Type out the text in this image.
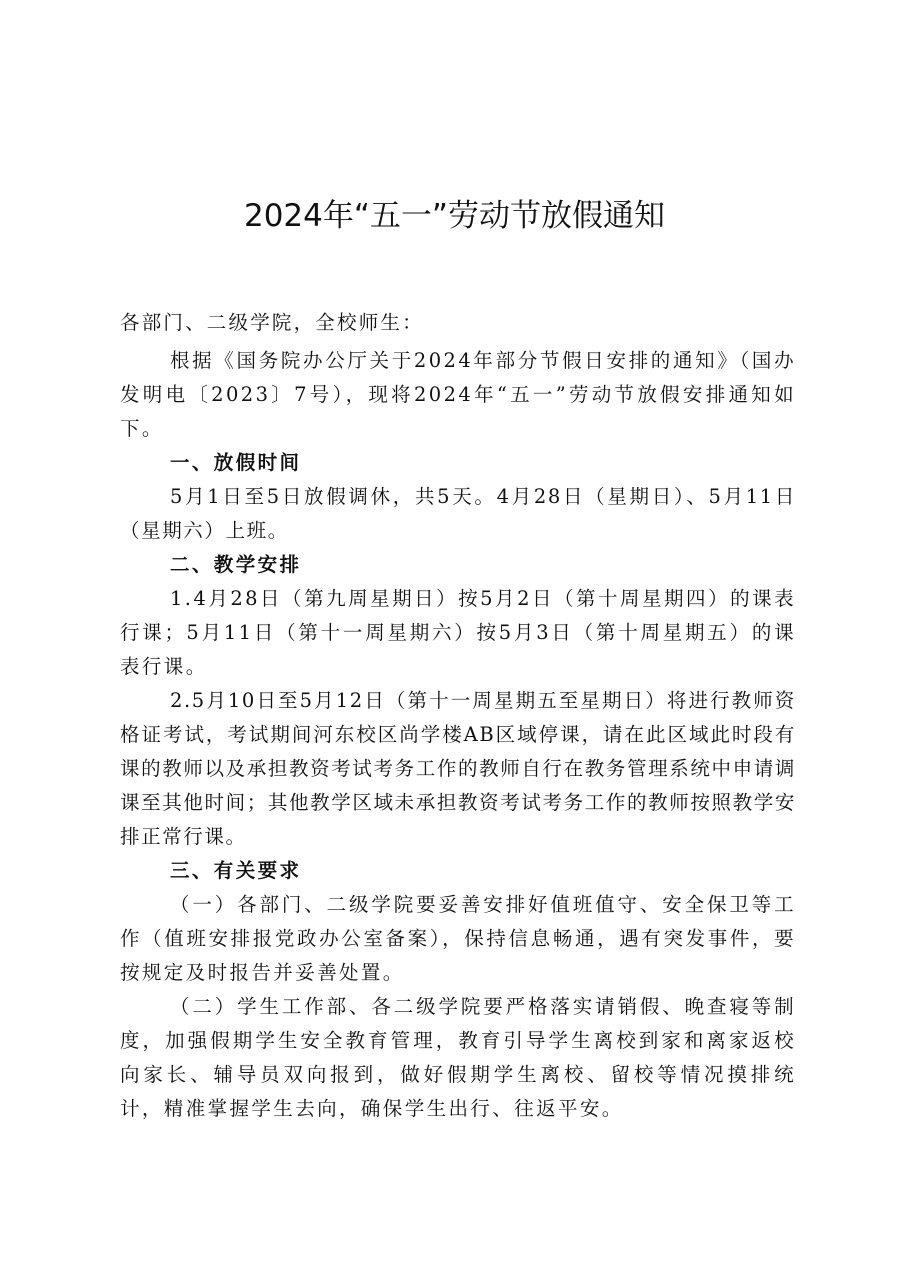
2024年“五一”劳动节放假通知

各部门、二级学院，全校师生：

根据《国务院办公厅关于2024年部分节假日安排的通知》（国办发明电〔2023〕7号），现将2024年“五一”劳动节放假安排通知如下。

一、放假时间

5月1日至5日放假调休，共5天。4月28日（星期日）、5月11日（星期六）上班。

二、教学安排

1.4月28日（第九周星期日）按5月2日（第十周星期四）的课表行课；5月11日（第十一周星期六）按5月3日（第十周星期五）的课表行课。

2.5月10日至5月12日（第十一周星期五至星期日）将进行教师资格证考试，考试期间河东校区尚学楼AB区域停课，请在此区域此时段有课的教师以及承担教资考试考务工作的教师自行在教务管理系统中申请调课至其他时间；其他教学区域未承担教资考试考务工作的教师按照教学安排正常行课。

三、有关要求

（一）各部门、二级学院要妥善安排好值班值守、安全保卫等工作（值班安排报党政办公室备案），保持信息畅通，遇有突发事件，要按规定及时报告并妥善处置。

（二）学生工作部、各二级学院要严格落实请销假、晚查寝等制度，加强假期学生安全教育管理，教育引导学生离校到家和离家返校向家长、辅导员双向报到，做好假期学生离校、留校等情况摸排统计，精准掌握学生去向，确保学生出行、往返平安。
